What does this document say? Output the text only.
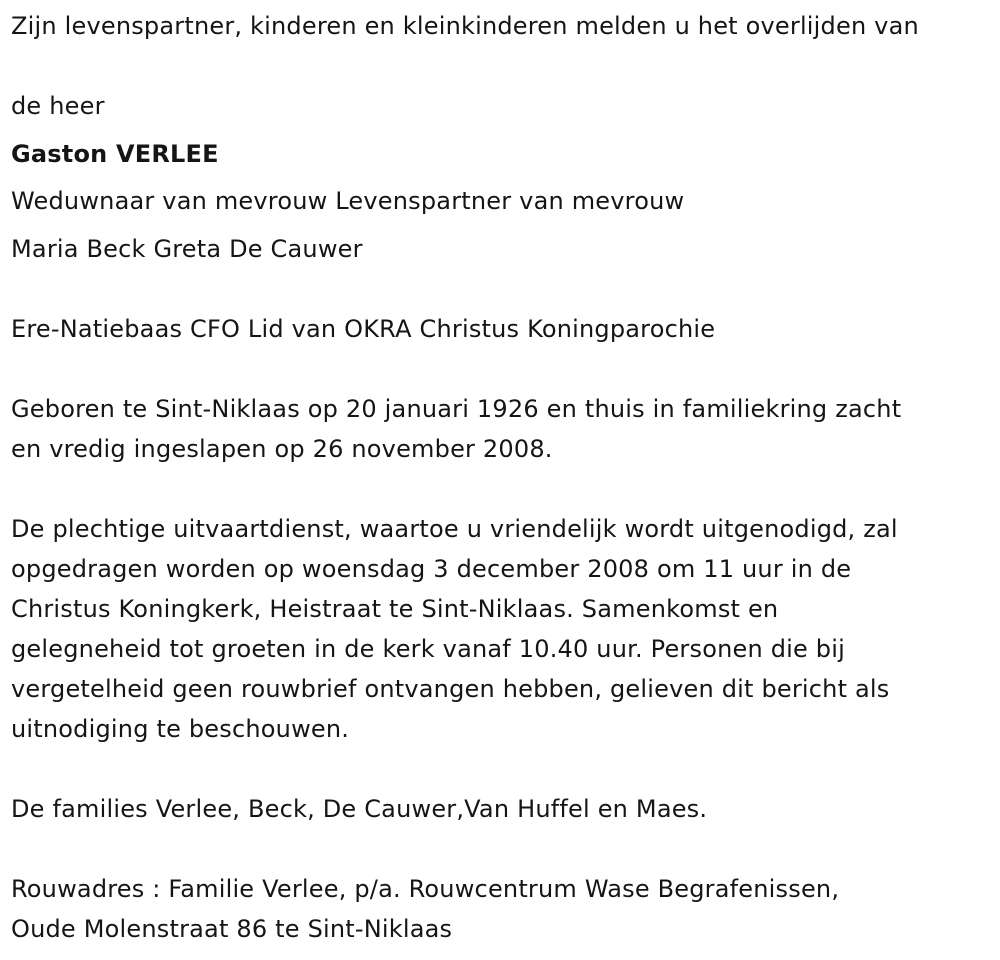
Zijn levenspartner, kinderen en kleinkinderen melden u het overlijden van
de heer
Gaston VERLEE
Weduwnaar van mevrouw Levenspartner van mevrouw
Maria Beck Greta De Cauwer
Ere-Natiebaas CFO Lid van OKRA Christus Koningparochie
Geboren te Sint-Niklaas op 20 januari 1926 en thuis in familiekring zacht
en vredig ingeslapen op 26 november 2008.
De plechtige uitvaartdienst, waartoe u vriendelijk wordt uitgenodigd, zal
opgedragen worden op woensdag 3 december 2008 om 11 uur in de
Christus Koningkerk, Heistraat te Sint-Niklaas. Samenkomst en
gelegneheid tot groeten in de kerk vanaf 10.40 uur. Personen die bij
vergetelheid geen rouwbrief ontvangen hebben, gelieven dit bericht als
uitnodiging te beschouwen.
De families Verlee, Beck, De Cauwer,Van Huffel en Maes.
Rouwadres : Familie Verlee, p/a. Rouwcentrum Wase Begrafenissen,
Oude Molenstraat 86 te Sint-Niklaas
